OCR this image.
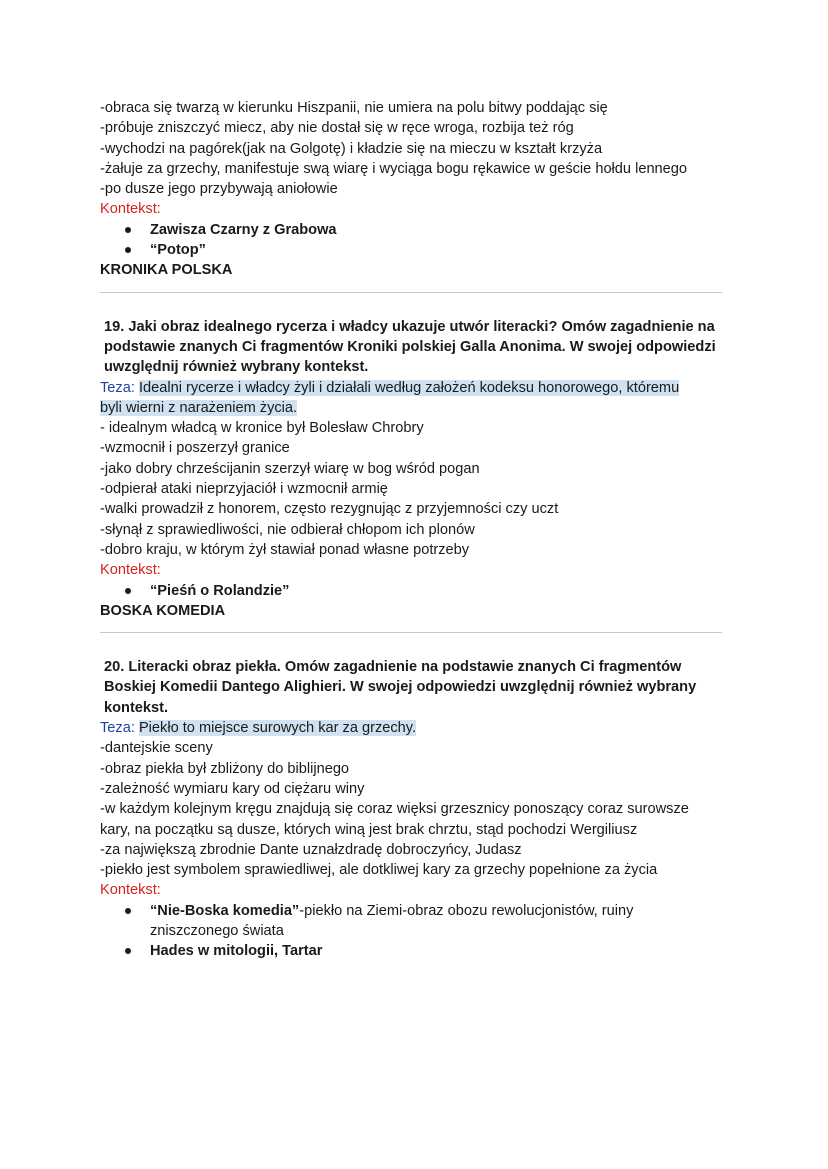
-obraca się twarzą w kierunku Hiszpanii, nie umiera na polu bitwy poddając się
-próbuje zniszczyć miecz, aby nie dostał się w ręce wroga, rozbija też róg
-wychodzi na pagórek(jak na Golgotę) i kładzie się na mieczu w kształt krzyża
-żałuje za grzechy, manifestuje swą wiarę i wyciąga bogu rękawice w geście hołdu lennego
-po dusze jego przybywają aniołowie
Kontekst:
Zawisza Czarny z Grabowa
“Potop”
KRONIKA POLSKA
19. Jaki obraz idealnego rycerza i władcy ukazuje utwór literacki? Omów zagadnienie na podstawie znanych Ci fragmentów Kroniki polskiej Galla Anonima. W swojej odpowiedzi uwzględnij również wybrany kontekst.
Teza: Idealni rycerze i władcy żyli i działali według założeń kodeksu honorowego, któremu
byli wierni z narażeniem życia.
- idealnym władcą w kronice był Bolesław Chrobry
-wzmocnił i poszerzył granice
-jako dobry chrześcijanin szerzył wiarę w bog wśród pogan
-odpierał ataki nieprzyjaciół i wzmocnił armię
-walki prowadził z honorem, często rezygnując z przyjemności czy uczt
-słynął z sprawiedliwości, nie odbierał chłopom ich plonów
-dobro kraju, w którym żył stawiał ponad własne potrzeby
Kontekst:
“Pieśń o Rolandzie”
BOSKA KOMEDIA
20. Literacki obraz piekła. Omów zagadnienie na podstawie znanych Ci fragmentów Boskiej Komedii Dantego Alighieri. W swojej odpowiedzi uwzględnij również wybrany kontekst.
Teza: Piekło to miejsce surowych kar za grzechy.
-dantejskie sceny
-obraz piekła był zbliżony do biblijnego
-zależność wymiaru kary od ciężaru winy
-w każdym kolejnym kręgu znajdują się coraz więksi grzesznicy ponoszący coraz surowsze kary, na początku są dusze, których winą jest brak chrztu, stąd pochodzi Wergiliusz
-za największą zbrodnie Dante uznałzdradę dobroczyńcy, Judasz
-piekło jest symbolem sprawiedliwej, ale dotkliwej kary za grzechy popełnione za życia
Kontekst:
“Nie-Boska komedia”-piekło na Ziemi-obraz obozu rewolucjonistów, ruiny zniszczonego świata
Hades w mitologii, Tartar
